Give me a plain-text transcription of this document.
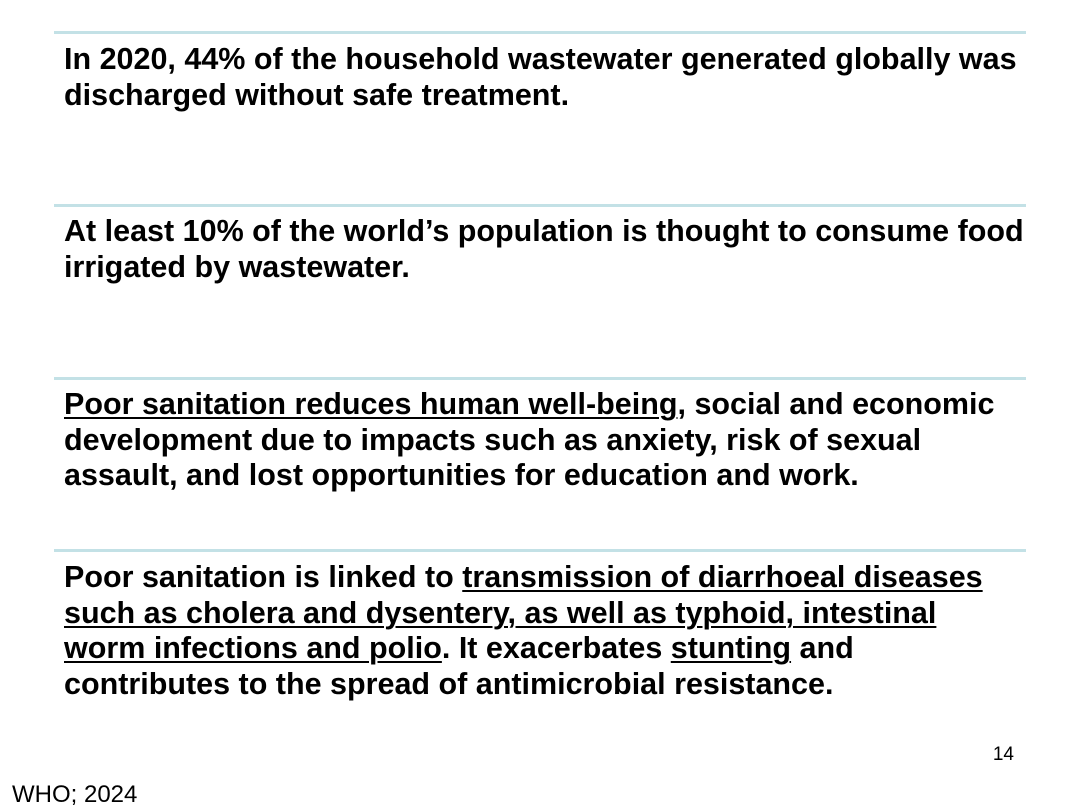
In 2020, 44% of the household wastewater generated globally was discharged without safe treatment.

At least 10% of the world’s population is thought to consume food irrigated by wastewater.

Poor sanitation reduces human well-being, social and economic development due to impacts such as anxiety, risk of sexual assault, and lost opportunities for education and work.

Poor sanitation is linked to transmission of diarrhoeal diseases such as cholera and dysentery, as well as typhoid, intestinal worm infections and polio. It exacerbates stunting and contributes to the spread of antimicrobial resistance.

14
WHO; 2024
